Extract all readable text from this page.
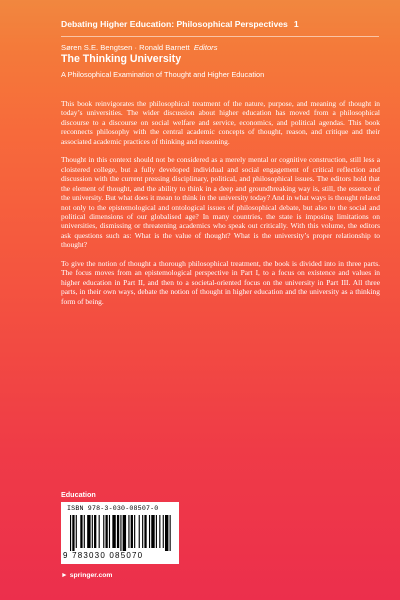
Debating Higher Education: Philosophical Perspectives 1
Søren S.E. Bengtsen · Ronald Barnett Editors
The Thinking University
A Philosophical Examination of Thought and Higher Education

This book reinvigorates the philosophical treatment of the nature, purpose, and meaning of thought in today’s universities. The wider discussion about higher education has moved from a philosophical discourse to a discourse on social welfare and service, economics, and political agendas. This book reconnects philosophy with the central academic concepts of thought, reason, and critique and their associated academic practices of thinking and reasoning.

Thought in this context should not be considered as a merely mental or cognitive construction, still less a cloistered college, but a fully developed individual and social engagement of critical reflection and discussion with the current pressing disciplinary, political, and philosophical issues. The editors hold that the element of thought, and the ability to think in a deep and groundbreaking way is, still, the essence of the university. But what does it mean to think in the university today? And in what ways is thought related not only to the epistemological and ontological issues of philosophical debate, but also to the social and political dimensions of our globalised age? In many countries, the state is imposing limitations on universities, dismissing or threatening academics who speak out critically. With this volume, the editors ask questions such as: What is the value of thought? What is the university’s proper relationship to thought?

To give the notion of thought a thorough philosophical treatment, the book is divided into in three parts. The focus moves from an epistemological perspective in Part I, to a focus on existence and values in higher education in Part II, and then to a societal-oriented focus on the university in Part III. All three parts, in their own ways, debate the notion of thought in higher education and the university as a thinking form of being.

Education
ISBN 978-3-030-08507-0
9 783030 085070
► springer.com
